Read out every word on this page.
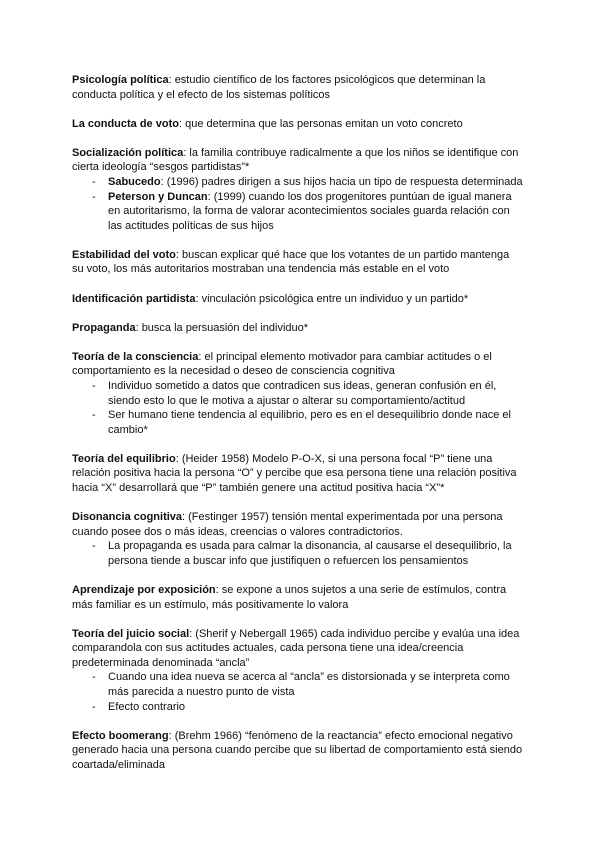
Psicología política: estudio científico de los factores psicológicos que determinan la
conducta política y el efecto de los sistemas políticos
La conducta de voto: que determina que las personas emitan un voto concreto
Socialización política: la familia contribuye radicalmente a que los niños se identifique con
cierta ideología “sesgos partidistas”*
- Sabucedo: (1996) padres dirigen a sus hijos hacia un tipo de respuesta determinada
- Peterson y Duncan: (1999) cuando los dos progenitores puntúan de igual manera
en autoritarismo, la forma de valorar acontecimientos sociales guarda relación con
las actitudes políticas de sus hijos
Estabilidad del voto: buscan explicar qué hace que los votantes de un partido mantenga
su voto, los más autoritarios mostraban una tendencia más estable en el voto
Identificación partidista: vinculación psicológica entre un individuo y un partido*
Propaganda: busca la persuasión del individuo*
Teoría de la consciencia: el principal elemento motivador para cambiar actitudes o el
comportamiento es la necesidad o deseo de consciencia cognitiva
- Individuo sometido a datos que contradicen sus ideas, generan confusión en él,
siendo esto lo que le motiva a ajustar o alterar su comportamiento/actitud
- Ser humano tiene tendencia al equilibrio, pero es en el desequilibrio donde nace el
cambio*
Teoría del equilibrio: (Heider 1958) Modelo P-O-X, si una persona focal “P” tiene una
relación positiva hacia la persona “O” y percibe que esa persona tiene una relación positiva
hacia “X” desarrollará que “P” también genere una actitud positiva hacia “X”*
Disonancia cognitiva: (Festinger 1957) tensión mental experimentada por una persona
cuando posee dos o más ideas, creencias o valores contradictorios.
- La propaganda es usada para calmar la disonancia, al causarse el desequilibrio, la
persona tiende a buscar info que justifiquen o refuercen los pensamientos
Aprendizaje por exposición: se expone a unos sujetos a una serie de estímulos, contra
más familiar es un estímulo, más positivamente lo valora
Teoría del juicio social: (Sherif y Nebergall 1965) cada individuo percibe y evalúa una idea
comparandola con sus actitudes actuales, cada persona tiene una idea/creencia
predeterminada denominada “ancla”
- Cuando una idea nueva se acerca al “ancla” es distorsionada y se interpreta como
más parecida a nuestro punto de vista
- Efecto contrario
Efecto boomerang: (Brehm 1966) “fenómeno de la reactancia” efecto emocional negativo
generado hacia una persona cuando percibe que su libertad de comportamiento está siendo
coartada/eliminada
